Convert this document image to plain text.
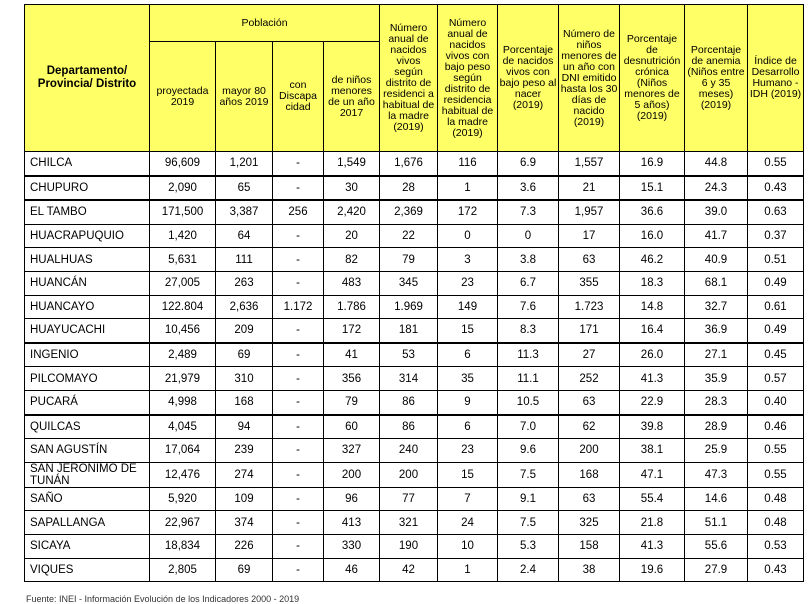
Departamento/ Provincia/ Distrito	Población				Número anual de nacidos vivos según distrito de residenci a habitual de la madre (2019)	Número anual de nacidos vivos con bajo peso según distrito de residencia habitual de la madre (2019)	Porcentaje de nacidos vivos con bajo peso al nacer (2019)	Número de niños menores de un año con DNI emitido hasta los 30 días de nacido (2019)	Porcentaje de desnutrición crónica (Niños menores de 5 años) (2019)	Porcentaje de anemia (Niños entre 6 y 35 meses) (2019)	Índice de Desarrollo Humano - IDH (2019)
	proyectada 2019	mayor 80 años 2019	con Discapa cidad	de niños menores de un año 2017							
CHILCA	96,609	1,201	-	1,549	1,676	116	6.9	1,557	16.9	44.8	0.55
CHUPURO	2,090	65	-	30	28	1	3.6	21	15.1	24.3	0.43
EL TAMBO	171,500	3,387	256	2,420	2,369	172	7.3	1,957	36.6	39.0	0.63
HUACRAPUQUIO	1,420	64	-	20	22	0	0	17	16.0	41.7	0.37
HUALHUAS	5,631	111	-	82	79	3	3.8	63	46.2	40.9	0.51
HUANCÁN	27,005	263	-	483	345	23	6.7	355	18.3	68.1	0.49
HUANCAYO	122.804	2,636	1.172	1.786	1.969	149	7.6	1.723	14.8	32.7	0.61
HUAYUCACHI	10,456	209	-	172	181	15	8.3	171	16.4	36.9	0.49
INGENIO	2,489	69	-	41	53	6	11.3	27	26.0	27.1	0.45
PILCOMAYO	21,979	310	-	356	314	35	11.1	252	41.3	35.9	0.57
PUCARÁ	4,998	168	-	79	86	9	10.5	63	22.9	28.3	0.40
QUILCAS	4,045	94	-	60	86	6	7.0	62	39.8	28.9	0.46
SAN AGUSTÍN	17,064	239	-	327	240	23	9.6	200	38.1	25.9	0.55
SAN JERÓNIMO DE TUNÁN	12,476	274	-	200	200	15	7.5	168	47.1	47.3	0.55
SAÑO	5,920	109	-	96	77	7	9.1	63	55.4	14.6	0.48
SAPALLANGA	22,967	374	-	413	321	24	7.5	325	21.8	51.1	0.48
SICAYA	18,834	226	-	330	190	10	5.3	158	41.3	55.6	0.53
VIQUES	2,805	69	-	46	42	1	2.4	38	19.6	27.9	0.43
Fuente: INEI - Información Evolución de los Indicadores 2000 - 2019
